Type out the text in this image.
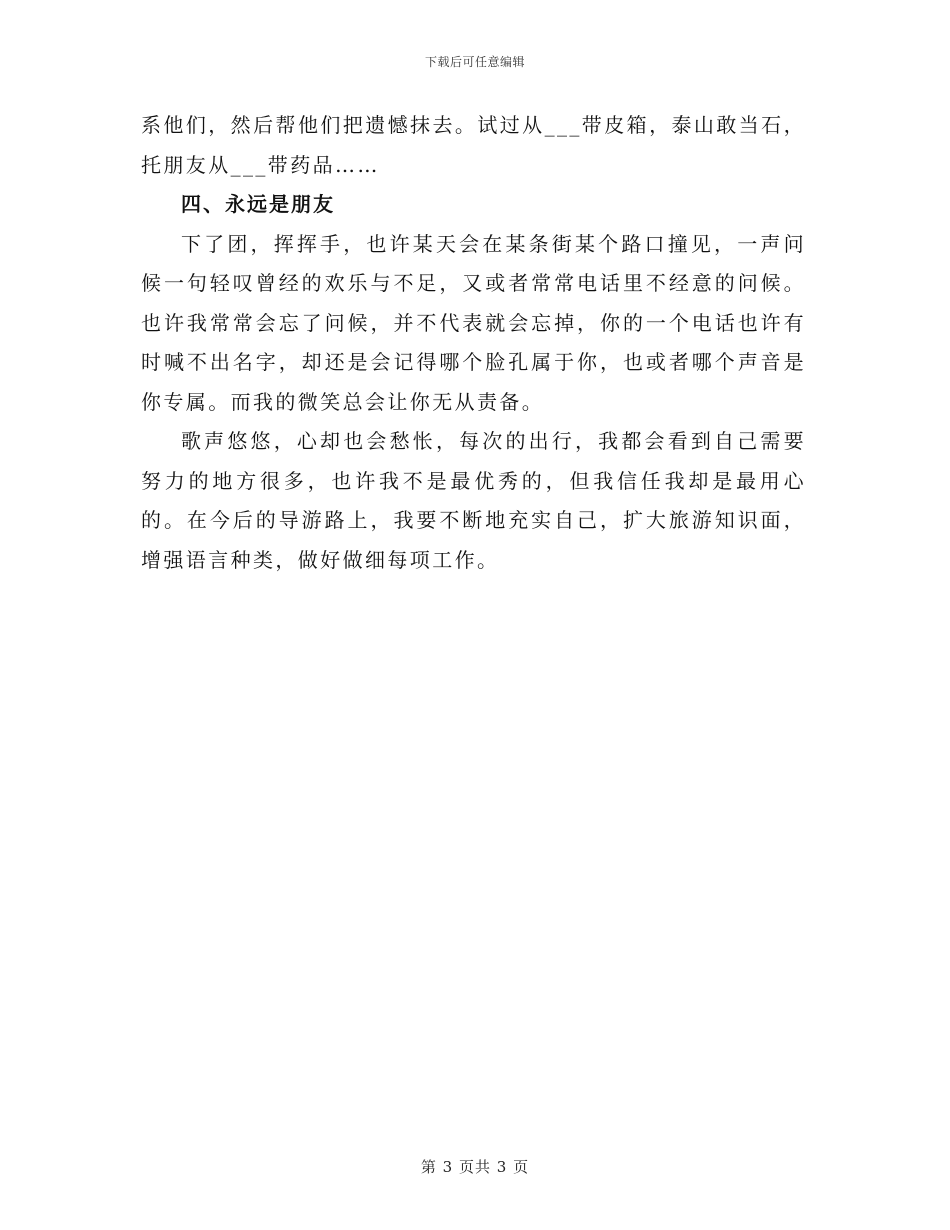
下载后可任意编辑

系他们，然后帮他们把遗憾抹去。试过从___带皮箱，泰山敢当石，托朋友从___带药品……

四、永远是朋友

下了团，挥挥手，也许某天会在某条街某个路口撞见，一声问候一句轻叹曾经的欢乐与不足，又或者常常电话里不经意的问候。也许我常常会忘了问候，并不代表就会忘掉，你的一个电话也许有时喊不出名字，却还是会记得哪个脸孔属于你，也或者哪个声音是你专属。而我的微笑总会让你无从责备。

歌声悠悠，心却也会愁怅，每次的出行，我都会看到自己需要努力的地方很多，也许我不是最优秀的，但我信任我却是最用心的。在今后的导游路上，我要不断地充实自己，扩大旅游知识面，增强语言种类，做好做细每项工作。

第 3 页共 3 页
